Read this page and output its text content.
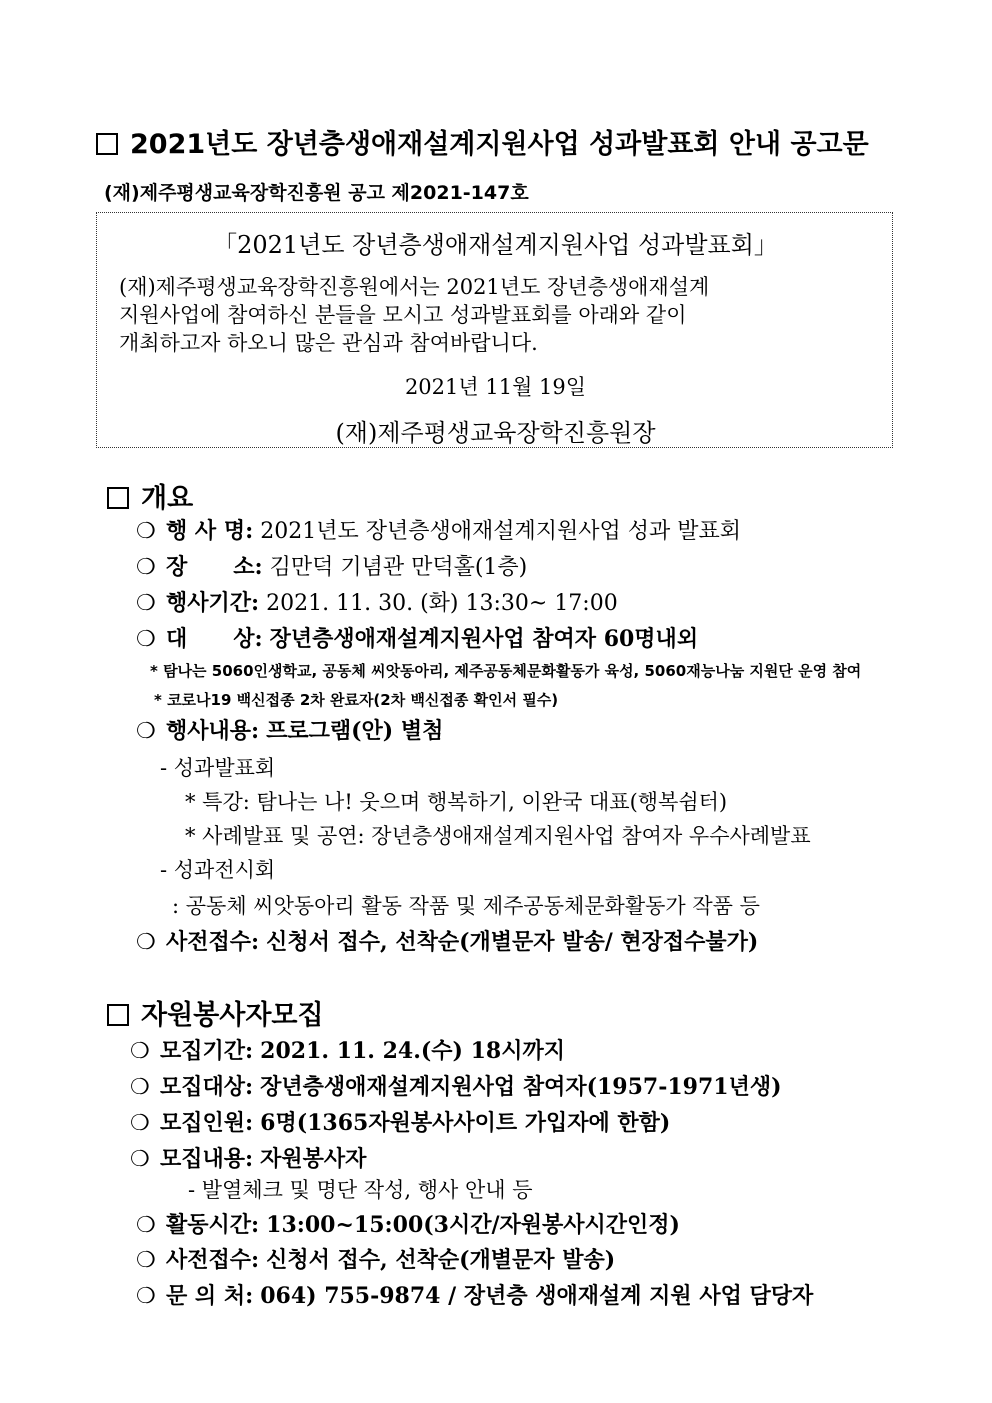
2021년도 장년층생애재설계지원사업 성과발표회 안내 공고문
(재)제주평생교육장학진흥원 공고 제2021-147호
「2021년도 장년층생애재설계지원사업 성과발표회」
(재)제주평생교육장학진흥원에서는 2021년도 장년층생애재설계
지원사업에 참여하신 분들을 모시고 성과발표회를 아래와 같이
개최하고자 하오니 많은 관심과 참여바랍니다.
2021년 11월 19일
(재)제주평생교육장학진흥원장
개요
❍ 행 사 명: 2021년도 장년층생애재설계지원사업 성과 발표회
❍ 장      소: 김만덕 기념관 만덕홀(1층)
❍ 행사기간: 2021. 11. 30. (화) 13:30~ 17:00
❍ 대      상: 장년층생애재설계지원사업 참여자 60명내외
* 탐나는 5060인생학교, 공동체 씨앗동아리, 제주공동체문화활동가 육성, 5060재능나눔 지원단 운영 참여
* 코로나19 백신접종 2차 완료자(2차 백신접종 확인서 필수)
❍ 행사내용: 프로그램(안) 별첨
- 성과발표회
* 특강: 탐나는 나! 웃으며 행복하기, 이완국 대표(행복쉼터)
* 사례발표 및 공연: 장년층생애재설계지원사업 참여자 우수사례발표
- 성과전시회
: 공동체 씨앗동아리 활동 작품 및 제주공동체문화활동가 작품 등
❍ 사전접수: 신청서 접수, 선착순(개별문자 발송/ 현장접수불가)
자원봉사자모집
❍ 모집기간: 2021. 11. 24.(수) 18시까지
❍ 모집대상: 장년층생애재설계지원사업 참여자(1957-1971년생)
❍ 모집인원: 6명(1365자원봉사사이트 가입자에 한함)
❍ 모집내용: 자원봉사자
- 발열체크 및 명단 작성, 행사 안내 등
❍ 활동시간: 13:00~15:00(3시간/자원봉사시간인정)
❍ 사전접수: 신청서 접수, 선착순(개별문자 발송)
❍ 문 의 처: 064) 755-9874 / 장년층 생애재설계 지원 사업 담당자
